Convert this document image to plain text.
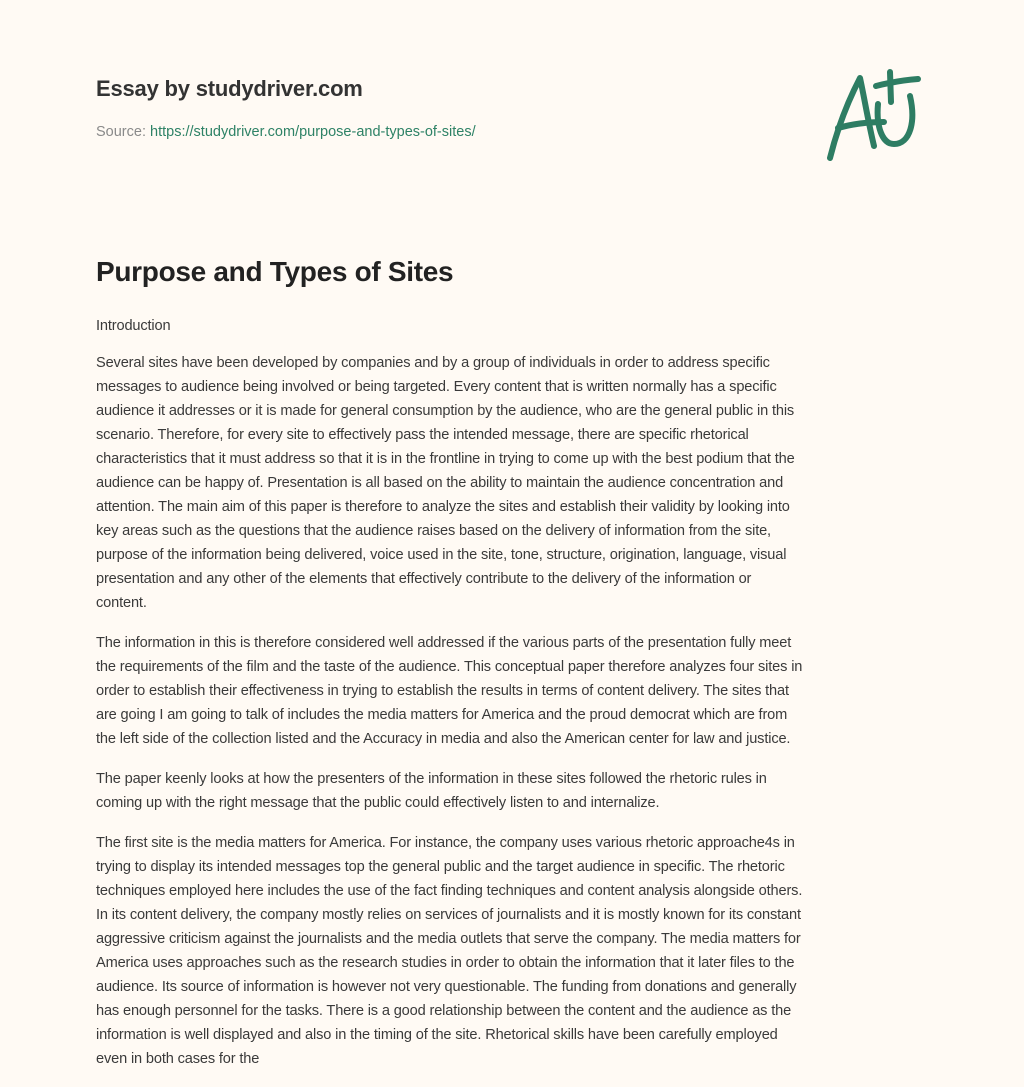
Essay by studydriver.com
Source: https://studydriver.com/purpose-and-types-of-sites/
Purpose and Types of Sites
Introduction

Several sites have been developed by companies and by a group of individuals in order to address specific
messages to audience being involved or being targeted. Every content that is written normally has a specific
audience it addresses or it is made for general consumption by the audience, who are the general public in this
scenario. Therefore, for every site to effectively pass the intended message, there are specific rhetorical
characteristics that it must address so that it is in the frontline in trying to come up with the best podium that the
audience can be happy of. Presentation is all based on the ability to maintain the audience concentration and
attention. The main aim of this paper is therefore to analyze the sites and establish their validity by looking into
key areas such as the questions that the audience raises based on the delivery of information from the site,
purpose of the information being delivered, voice used in the site, tone, structure, origination, language, visual
presentation and any other of the elements that effectively contribute to the delivery of the information or
content.

The information in this is therefore considered well addressed if the various parts of the presentation fully meet
the requirements of the film and the taste of the audience. This conceptual paper therefore analyzes four sites in
order to establish their effectiveness in trying to establish the results in terms of content delivery. The sites that
are going I am going to talk of includes the media matters for America and the proud democrat which are from
the left side of the collection listed and the Accuracy in media and also the American center for law and justice.

The paper keenly looks at how the presenters of the information in these sites followed the rhetoric rules in
coming up with the right message that the public could effectively listen to and internalize.

The first site is the media matters for America. For instance, the company uses various rhetoric approache4s in
trying to display its intended messages top the general public and the target audience in specific. The rhetoric
techniques employed here includes the use of the fact finding techniques and content analysis alongside others.
In its content delivery, the company mostly relies on services of journalists and it is mostly known for its constant
aggressive criticism against the journalists and the media outlets that serve the company. The media matters for
America uses approaches such as the research studies in order to obtain the information that it later files to the
audience. Its source of information is however not very questionable. The funding from donations and generally
has enough personnel for the tasks. There is a good relationship between the content and the audience as the
information is well displayed and also in the timing of the site. Rhetorical skills have been carefully employed
even in both cases for the
